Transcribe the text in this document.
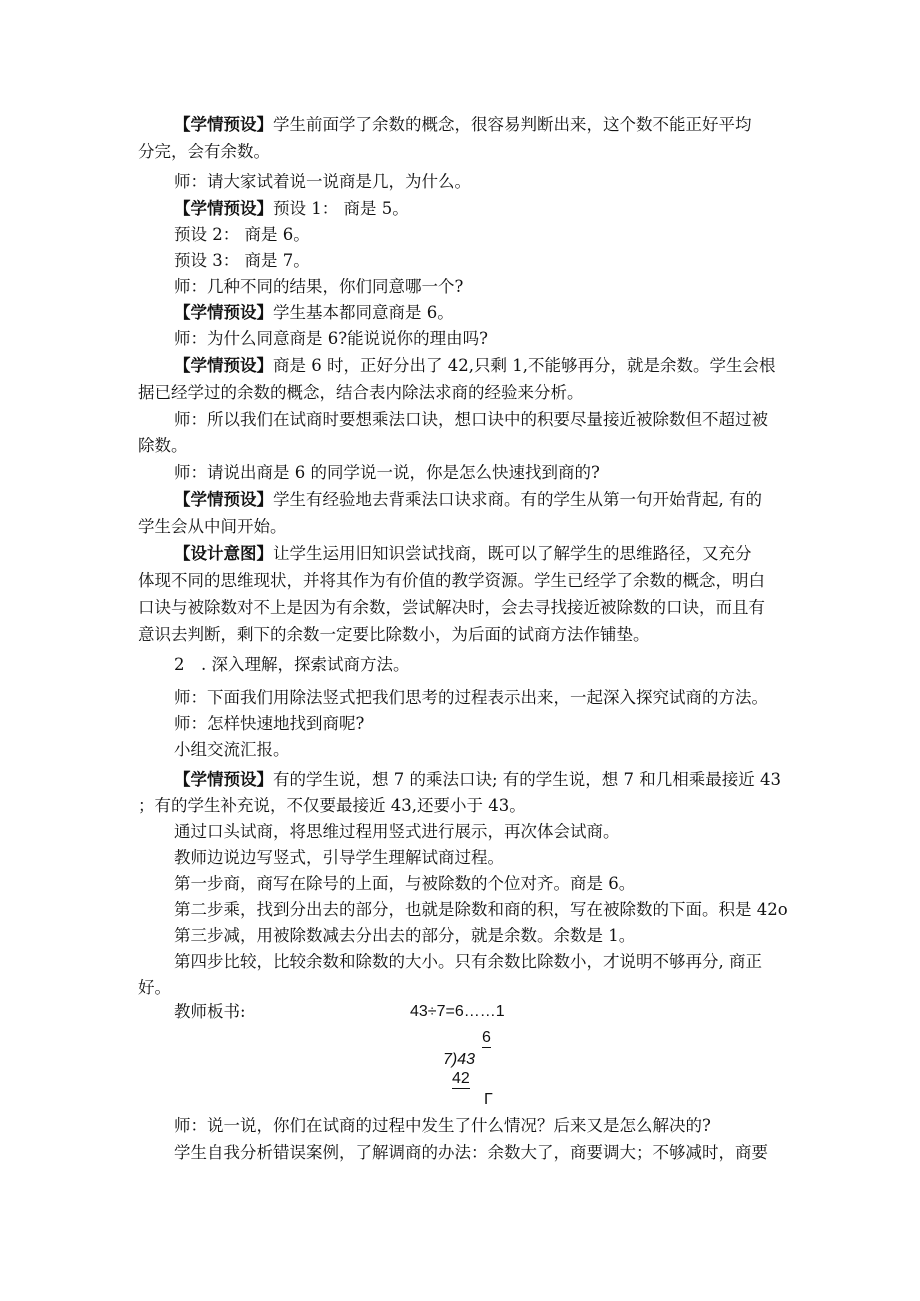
【学情预设】学生前面学了余数的概念，很容易判断出来，这个数不能正好平均
分完，会有余数。
师：请大家试着说一说商是几，为什么。
【学情预设】预设 1： 商是 5。
预设 2： 商是 6。
预设 3： 商是 7。
师：几种不同的结果，你们同意哪一个?
【学情预设】学生基本都同意商是 6。
师：为什么同意商是 6?能说说你的理由吗?
【学情预设】商是 6 时，正好分出了 42,只剩 1,不能够再分，就是余数。学生会根
据已经学过的余数的概念，结合表内除法求商的经验来分析。
师：所以我们在试商时要想乘法口诀，想口诀中的积要尽量接近被除数但不超过被
除数。
师：请说出商是 6 的同学说一说，你是怎么快速找到商的?
【学情预设】学生有经验地去背乘法口诀求商。有的学生从第一句开始背起, 有的
学生会从中间开始。
【设计意图】让学生运用旧知识尝试找商，既可以了解学生的思维路径，又充分
体现不同的思维现状，并将其作为有价值的教学资源。学生已经学了余数的概念，明白
口诀与被除数对不上是因为有余数，尝试解决时，会去寻找接近被除数的口诀，而且有
意识去判断，剩下的余数一定要比除数小，为后面的试商方法作铺垫。
2　. 深入理解，探索试商方法。
师：下面我们用除法竖式把我们思考的过程表示出来，一起深入探究试商的方法。
师：怎样快速地找到商呢?
小组交流汇报。
【学情预设】有的学生说，想 7 的乘法口诀; 有的学生说，想 7 和几相乘最接近 43
；有的学生补充说，不仅要最接近 43,还要小于 43。
通过口头试商，将思维过程用竖式进行展示，再次体会试商。
教师边说边写竖式，引导学生理解试商过程。
第一步商，商写在除号的上面，与被除数的个位对齐。商是 6。
第二步乘，找到分出去的部分，也就是除数和商的积，写在被除数的下面。积是 42o
第三步减，用被除数减去分出去的部分，就是余数。余数是 1。
第四步比较，比较余数和除数的大小。只有余数比除数小，才说明不够再分, 商正
好。
教师板书:	43÷7=6……1
6
7)43
42
Γ
师：说一说，你们在试商的过程中发生了什么情况？后来又是怎么解决的?
学生自我分析错误案例，了解调商的办法：余数大了，商要调大；不够减时，商要
